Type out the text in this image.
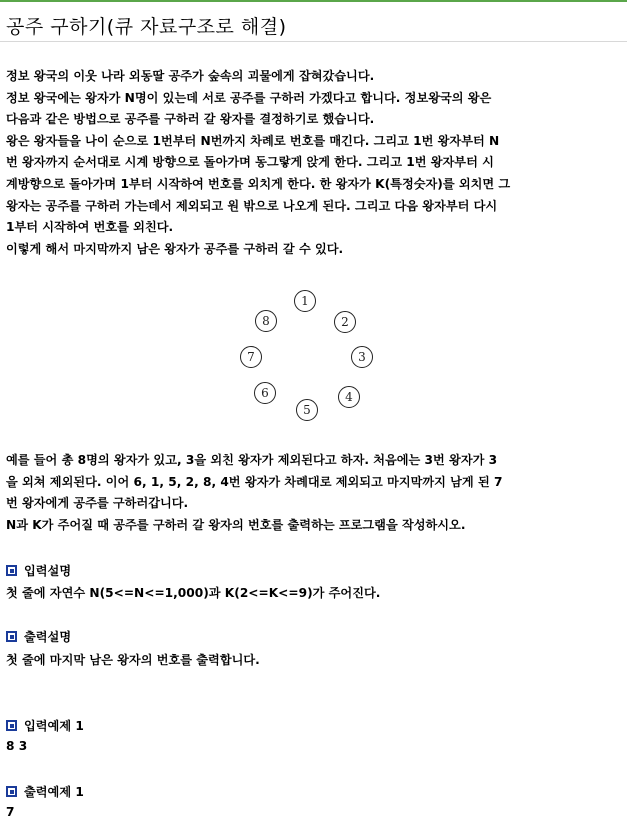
공주 구하기(큐 자료구조로 해결)
정보 왕국의 이웃 나라 외동딸 공주가 숲속의 괴물에게 잡혀갔습니다.
정보 왕국에는 왕자가 N명이 있는데 서로 공주를 구하러 가겠다고 합니다. 정보왕국의 왕은
다음과 같은 방법으로 공주를 구하러 갈 왕자를 결정하기로 했습니다.
왕은 왕자들을 나이 순으로 1번부터 N번까지 차례로 번호를 매긴다. 그리고 1번 왕자부터 N
번 왕자까지 순서대로 시계 방향으로 돌아가며 동그랗게 앉게 한다. 그리고 1번 왕자부터 시
계방향으로 돌아가며 1부터 시작하여 번호를 외치게 한다. 한 왕자가 K(특정숫자)를 외치면 그
왕자는 공주를 구하러 가는데서 제외되고 원 밖으로 나오게 된다. 그리고 다음 왕자부터 다시
1부터 시작하여 번호를 외친다.
이렇게 해서 마지막까지 남은 왕자가 공주를 구하러 갈 수 있다.
1
2
3
4
5
6
7
8
예를 들어 총 8명의 왕자가 있고, 3을 외친 왕자가 제외된다고 하자. 처음에는 3번 왕자가 3
을 외쳐 제외된다. 이어 6, 1, 5, 2, 8, 4번 왕자가 차례대로 제외되고 마지막까지 남게 된 7
번 왕자에게 공주를 구하러갑니다.
N과 K가 주어질 때 공주를 구하러 갈 왕자의 번호를 출력하는 프로그램을 작성하시오.
입력설명
첫 줄에 자연수 N(5<=N<=1,000)과 K(2<=K<=9)가 주어진다.
출력설명
첫 줄에 마지막 남은 왕자의 번호를 출력합니다.
입력예제 1
8 3
출력예제 1
7
